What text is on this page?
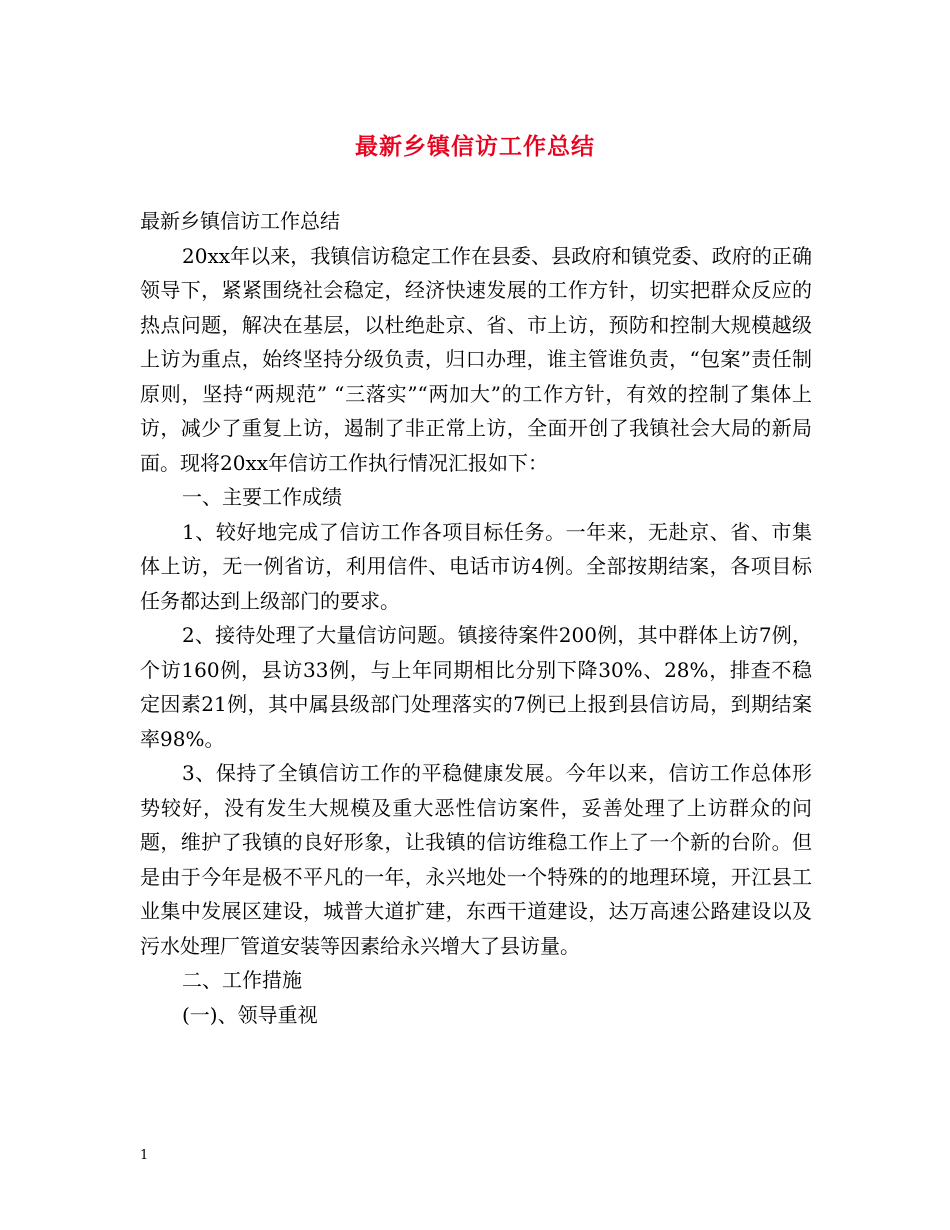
最新乡镇信访工作总结

最新乡镇信访工作总结

20xx年以来，我镇信访稳定工作在县委、县政府和镇党委、政府的正确领导下，紧紧围绕社会稳定，经济快速发展的工作方针，切实把群众反应的热点问题，解决在基层，以杜绝赴京、省、市上访，预防和控制大规模越级上访为重点，始终坚持分级负责，归口办理，谁主管谁负责，“包案”责任制原则，坚持“两规范” “三落实”“两加大”的工作方针，有效的控制了集体上访，减少了重复上访，遏制了非正常上访，全面开创了我镇社会大局的新局面。现将20xx年信访工作执行情况汇报如下：

一、主要工作成绩

1、较好地完成了信访工作各项目标任务。一年来，无赴京、省、市集体上访，无一例省访，利用信件、电话市访4例。全部按期结案，各项目标任务都达到上级部门的要求。

2、接待处理了大量信访问题。镇接待案件200例，其中群体上访7例，个访160例，县访33例，与上年同期相比分别下降30%、28%，排查不稳定因素21例，其中属县级部门处理落实的7例已上报到县信访局，到期结案率98%。

3、保持了全镇信访工作的平稳健康发展。今年以来，信访工作总体形势较好，没有发生大规模及重大恶性信访案件，妥善处理了上访群众的问题，维护了我镇的良好形象，让我镇的信访维稳工作上了一个新的台阶。但是由于今年是极不平凡的一年，永兴地处一个特殊的的地理环境，开江县工业集中发展区建设，城普大道扩建，东西干道建设，达万高速公路建设以及污水处理厂管道安装等因素给永兴增大了县访量。

二、工作措施

(一)、领导重视

1
